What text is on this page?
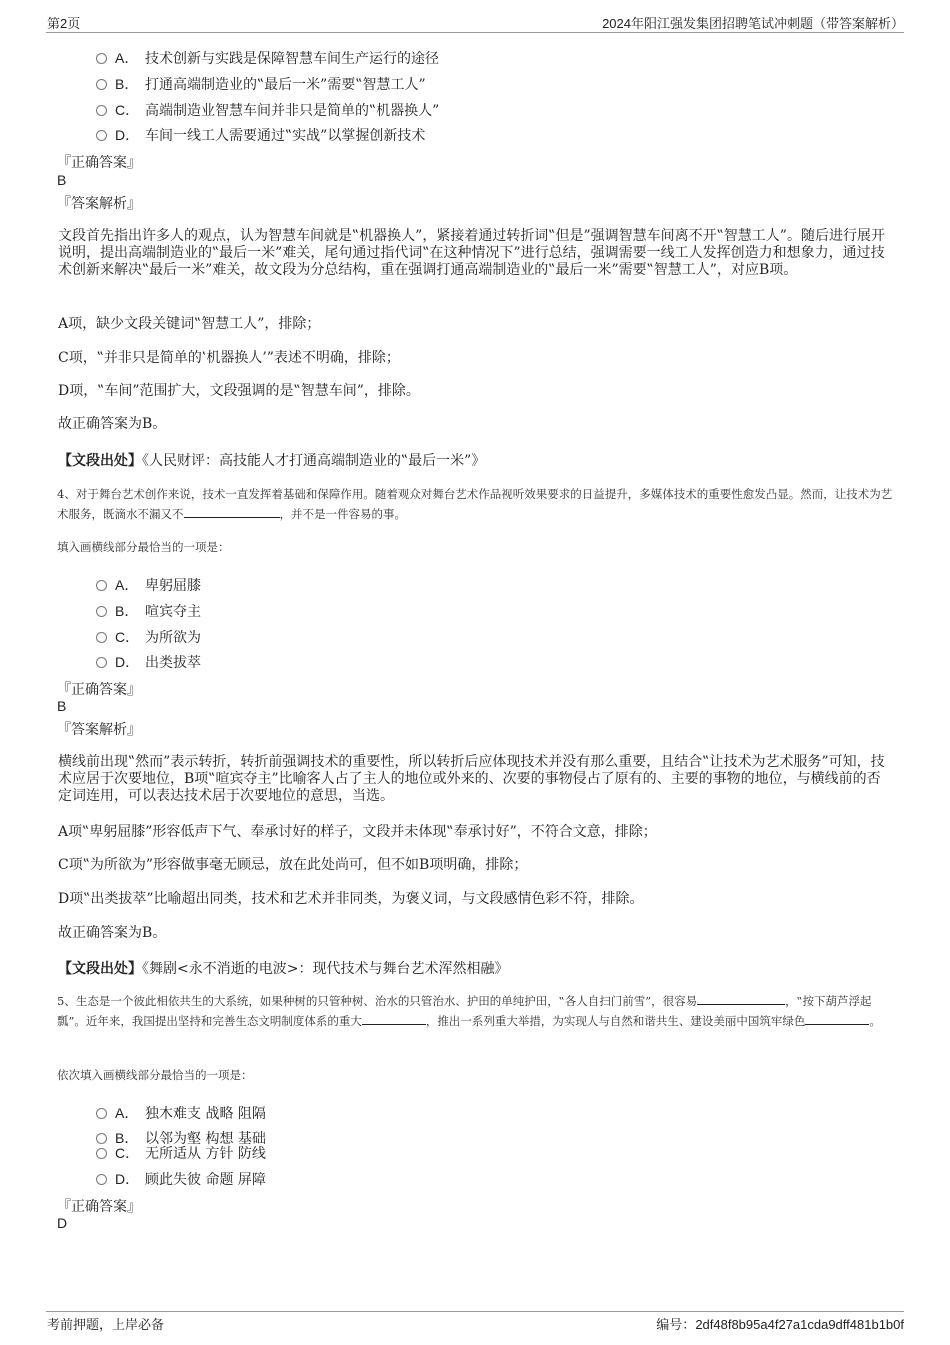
第2页	2024年阳江强发集团招聘笔试冲刺题（带答案解析）
A． 技术创新与实践是保障智慧车间生产运行的途径
B． 打通高端制造业的‟最后一米”需要‟智慧工人”
C． 高端制造业智慧车间并非只是简单的‟机器换人”
D． 车间一线工人需要通过‟实战”以掌握创新技术
『正确答案』
B
『答案解析』
文段首先指出许多人的观点，认为智慧车间就是‟机器换人”，紧接着通过转折词‟但是”强调智慧车间离不开‟智慧工人”。随后进行展开说明，提出高端制造业的‟最后一米”难关，尾句通过指代词‟在这种情况下”进行总结，强调需要一线工人发挥创造力和想象力，通过技术创新来解决‟最后一米”难关，故文段为分总结构，重在强调打通高端制造业的‟最后一米”需要‟智慧工人”，对应B项。
A项，缺少文段关键词‟智慧工人”，排除；
C项，‟并非只是简单的‛机器换人’”表述不明确，排除；
D项，‟车间”范围扩大，文段强调的是‟智慧车间”，排除。
故正确答案为B。
【文段出处】《人民财评：高技能人才打通高端制造业的‟最后一米”》
4、对于舞台艺术创作来说，技术一直发挥着基础和保障作用。随着观众对舞台艺术作品视听效果要求的日益提升，多媒体技术的重要性愈发凸显。然而，让技术为艺术服务，既滴水不漏又不	，并不是一件容易的事。
填入画横线部分最恰当的一项是：
A． 卑躬屈膝
B． 喧宾夺主
C． 为所欲为
D． 出类拔萃
『正确答案』
B
『答案解析』
横线前出现‟然而”表示转折，转折前强调技术的重要性，所以转折后应体现技术并没有那么重要，且结合‟让技术为艺术服务”可知，技术应居于次要地位，B项‟喧宾夺主”比喻客人占了主人的地位或外来的、次要的事物侵占了原有的、主要的事物的地位，与横线前的否定词连用，可以表达技术居于次要地位的意思，当选。
A项‟卑躬屈膝”形容低声下气、奉承讨好的样子，文段并未体现‟奉承讨好”，不符合文意，排除；
C项‟为所欲为”形容做事毫无顾忌，放在此处尚可，但不如B项明确，排除；
D项‟出类拔萃”比喻超出同类，技术和艺术并非同类，为褒义词，与文段感情色彩不符，排除。
故正确答案为B。
【文段出处】《舞剧<永不消逝的电波>：现代技术与舞台艺术浑然相融》
5、生态是一个彼此相依共生的大系统，如果种树的只管种树、治水的只管治水、护田的单纯护田，‟各人自扫门前雪”，很容易	，‟按下葫芦浮起瓢”。近年来，我国提出坚持和完善生态文明制度体系的重大	，推出一系列重大举措，为实现人与自然和谐共生、建设美丽中国筑牢绿色	。
依次填入画横线部分最恰当的一项是：
A． 独木难支 战略 阻隔
B． 以邻为壑 构想 基础
C． 无所适从 方针 防线
D． 顾此失彼 命题 屏障
『正确答案』
D
考前押题，上岸必备	编号：2df48f8b95a4f27a1cda9dff481b1b0f
